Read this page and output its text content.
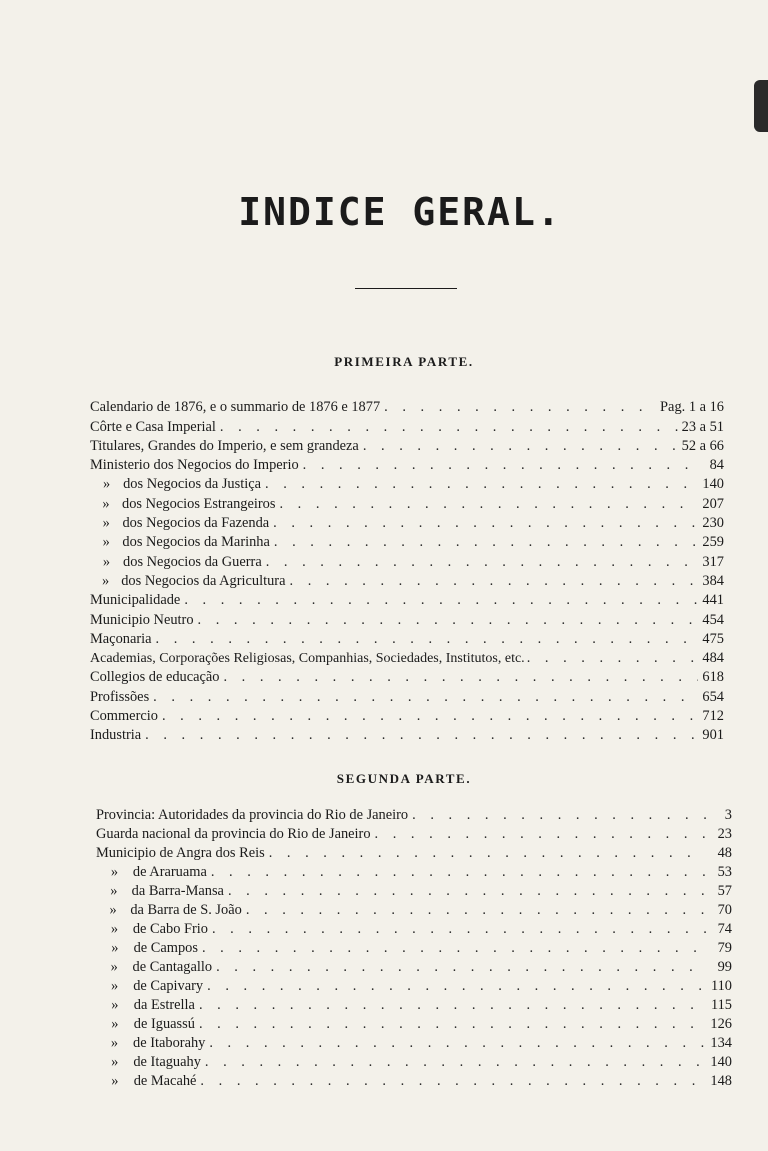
INDICE GERAL.
PRIMEIRA PARTE.
Calendario de 1876, e o summario de 1876 e 1877 . . .	Pag. 1 a 16
Côrte e Casa Imperial . . .	23 a 51
Titulares, Grandes do Imperio, e sem grandeza . . .	52 a 66
Ministerio dos Negocios do Imperio . . .	84
» dos Negocios da Justiça . . .	140
» dos Negocios Estrangeiros . . .	207
» dos Negocios da Fazenda . . .	230
» dos Negocios da Marinha . . .	259
» dos Negocios da Guerra . . .	317
» dos Negocios da Agricultura . . .	384
Municipalidade . . .	441
Municipio Neutro . . .	454
Maçonaria . . .	475
Academias, Corporações Religiosas, Companhias, Sociedades, Institutos, etc. . . .	484
Collegios de educação . . .	618
Profissões . . .	654
Commercio . . .	712
Industria . . .	901
SEGUNDA PARTE.
Provincia: Autoridades da provincia do Rio de Janeiro . . .	3
Guarda nacional da provincia do Rio de Janeiro . . .	23
Municipio de Angra dos Reis . . .	48
»	de Araruama . . .	53
» da Barra-Mansa . . .	57
» da Barra de S. João . . .	70
»	de Cabo Frio . . .	74
»	de Campos . . .	79
»	de Cantagallo . . .	99
»	de Capivary . . .	110
»	da Estrella . . .	115
»	de Iguassú . . .	126
»	de Itaborahy . . .	134
»	de Itaguahy . . .	140
»	de Macahé . . .	148
